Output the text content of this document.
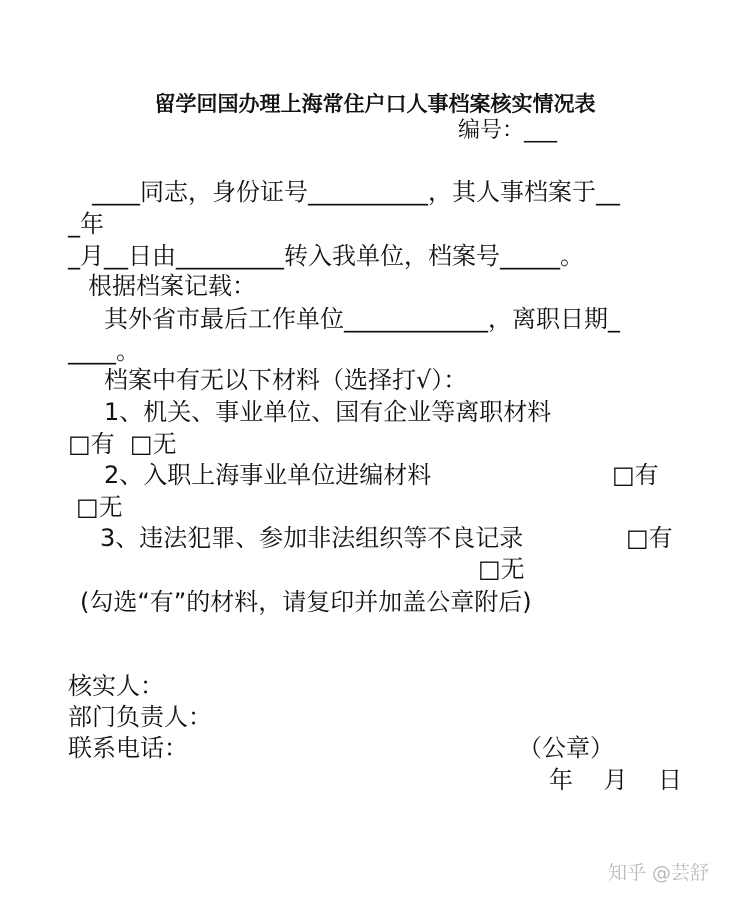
留学回国办理上海常住户口人事档案核实情况表
编号：___
____同志，身份证号__________，其人事档案于__
_年
_月__日由_________转入我单位，档案号_____。
根据档案记载：
其外省市最后工作单位____________，离职日期_
____。
档案中有无以下材料（选择打√）：
1、机关、事业单位、国有企业等离职材料
□有  □无
2、入职上海事业单位进编材料	□有
□无
3、违法犯罪、参加非法组织等不良记录	□有
□无
(勾选“有”的材料，请复印并加盖公章附后)
核实人：
部门负责人：
联系电话：	（公章）
年    月    日
知乎 @芸舒
